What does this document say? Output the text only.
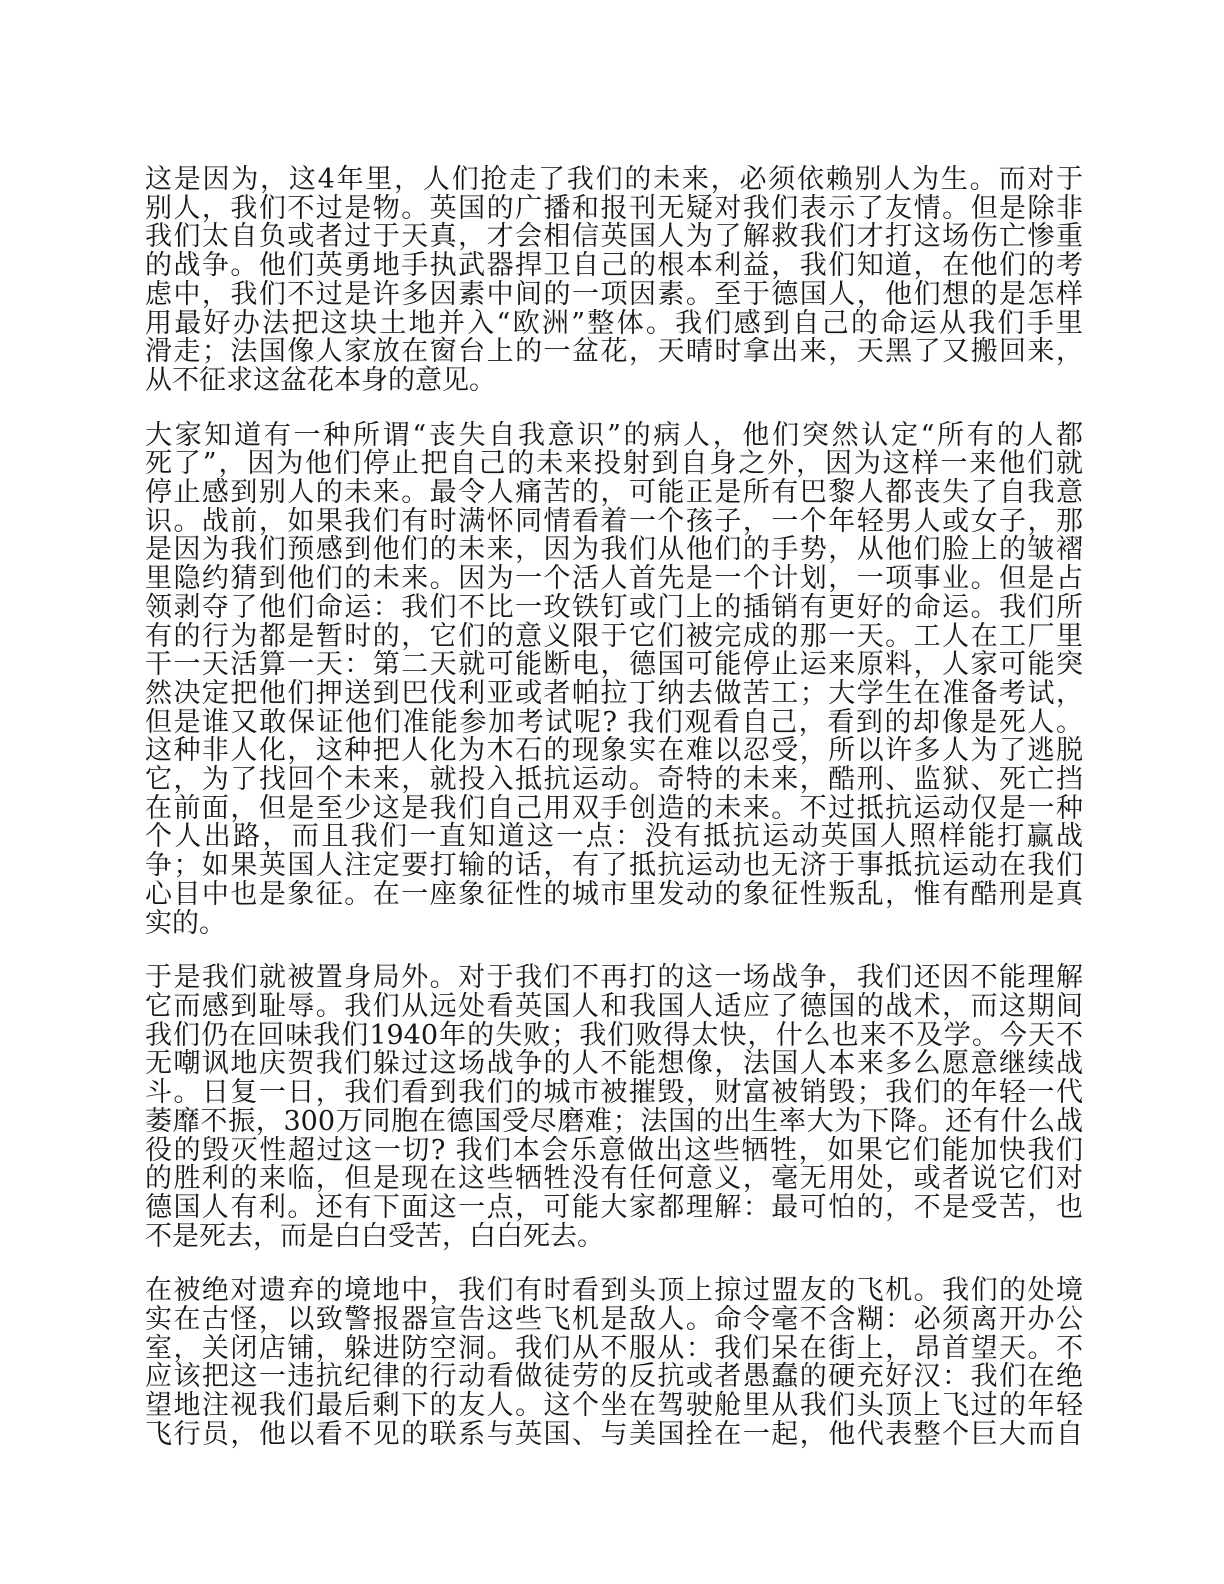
这是因为，这4年里，人们抢走了我们的未来，必须依赖别人为生。而对于
别人，我们不过是物。英国的广播和报刊无疑对我们表示了友情。但是除非
我们太自负或者过于天真，才会相信英国人为了解救我们才打这场伤亡惨重
的战争。他们英勇地手执武器捍卫自己的根本利益，我们知道，在他们的考
虑中，我们不过是许多因素中间的一项因素。至于德国人，他们想的是怎样
用最好办法把这块土地并入“欧洲”整体。我们感到自己的命运从我们手里
滑走；法国像人家放在窗台上的一盆花，天晴时拿出来，天黑了又搬回来，
从不征求这盆花本身的意见。
大家知道有一种所谓“丧失自我意识”的病人，他们突然认定“所有的人都
死了”，因为他们停止把自己的未来投射到自身之外，因为这样一来他们就
停止感到别人的未来。最令人痛苦的，可能正是所有巴黎人都丧失了自我意
识。战前，如果我们有时满怀同情看着一个孩子，一个年轻男人或女子，那
是因为我们预感到他们的未来，因为我们从他们的手势，从他们脸上的皱褶
里隐约猜到他们的未来。因为一个活人首先是一个计划，一项事业。但是占
领剥夺了他们命运：我们不比一玫铁钉或门上的插销有更好的命运。我们所
有的行为都是暂时的，它们的意义限于它们被完成的那一天。工人在工厂里
干一天活算一天：第二天就可能断电，德国可能停止运来原料，人家可能突
然决定把他们押送到巴伐利亚或者帕拉丁纳去做苦工；大学生在准备考试，
但是谁又敢保证他们准能参加考试呢? 我们观看自己，看到的却像是死人。
这种非人化，这种把人化为木石的现象实在难以忍受，所以许多人为了逃脱
它，为了找回个未来，就投入抵抗运动。奇特的未来，酷刑、监狱、死亡挡
在前面，但是至少这是我们自己用双手创造的未来。不过抵抗运动仅是一种
个人出路，而且我们一直知道这一点：没有抵抗运动英国人照样能打赢战
争；如果英国人注定要打输的话，有了抵抗运动也无济于事抵抗运动在我们
心目中也是象征。在一座象征性的城市里发动的象征性叛乱，惟有酷刑是真
实的。
于是我们就被置身局外。对于我们不再打的这一场战争，我们还因不能理解
它而感到耻辱。我们从远处看英国人和我国人适应了德国的战术，而这期间
我们仍在回味我们1940年的失败；我们败得太快，什么也来不及学。今天不
无嘲讽地庆贺我们躲过这场战争的人不能想像，法国人本来多么愿意继续战
斗。日复一日，我们看到我们的城市被摧毁，财富被销毁；我们的年轻一代
萎靡不振，300万同胞在德国受尽磨难；法国的出生率大为下降。还有什么战
役的毁灭性超过这一切? 我们本会乐意做出这些牺牲，如果它们能加快我们
的胜利的来临，但是现在这些牺牲没有任何意义，毫无用处，或者说它们对
德国人有利。还有下面这一点，可能大家都理解：最可怕的，不是受苦，也
不是死去，而是白白受苦，白白死去。
在被绝对遗弃的境地中，我们有时看到头顶上掠过盟友的飞机。我们的处境
实在古怪，以致警报器宣告这些飞机是敌人。命令毫不含糊：必须离开办公
室，关闭店铺，躲进防空洞。我们从不服从：我们呆在街上，昂首望天。不
应该把这一违抗纪律的行动看做徒劳的反抗或者愚蠢的硬充好汉：我们在绝
望地注视我们最后剩下的友人。这个坐在驾驶舱里从我们头顶上飞过的年轻
飞行员，他以看不见的联系与英国、与美国拴在一起，他代表整个巨大而自
